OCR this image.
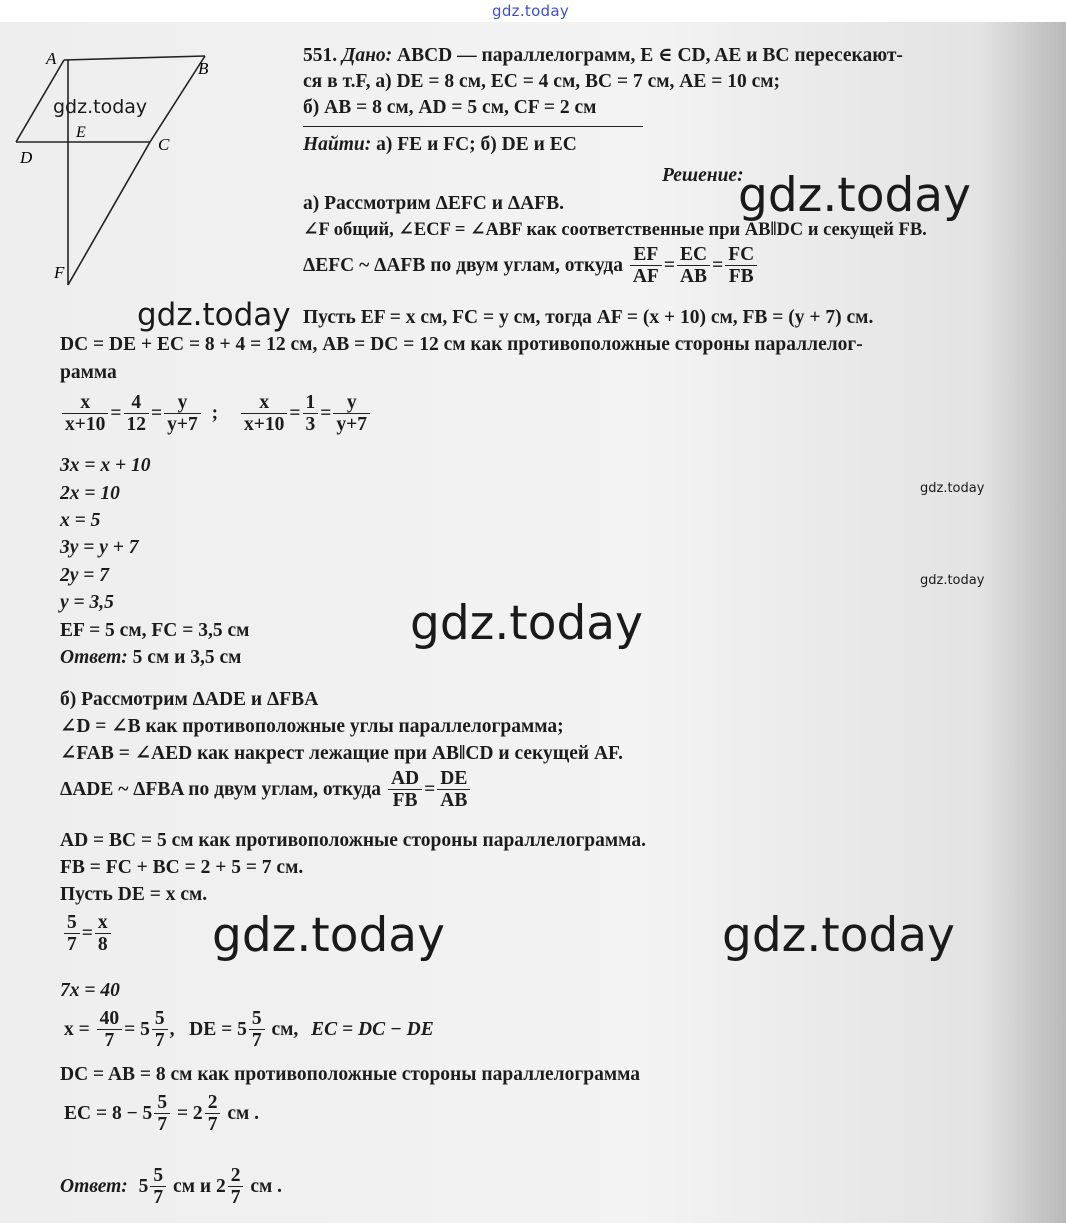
gdz.today
A
B
C
D
E
F
551. Дано: ABCD — параллелограмм, E ∈ CD, AE и BC пересекают-
ся в т.F, а) DE = 8 см, EC = 4 см, BC = 7 см, AE = 10 см;
б) AB = 8 см, AD = 5 см, CF = 2 см
Найти: а) FE и FC; б) DE и EC
Решение:
а) Рассмотрим ΔEFC и ΔAFB.
∠F общий, ∠ECF = ∠ABF как соответственные при AB‖DC и секущей FB.
ΔEFC ~ ΔAFB по двум углам, откуда $\frac{EF}{AF} = \frac{EC}{AB} = \frac{FC}{FB}$
Пусть EF = x см, FC = y см, тогда AF = (x + 10) см, FB = (y + 7) см.
DC = DE + EC = 8 + 4 = 12 см, AB = DC = 12 см как противоположные стороны параллелог-
рамма
$\frac{x}{x+10} = \frac{4}{12} = \frac{y}{y+7}$ ; $\frac{x}{x+10} = \frac{1}{3} = \frac{y}{y+7}$
3x = x + 10
2x = 10
x = 5
3y = y + 7
2y = 7
y = 3,5
EF = 5 см, FC = 3,5 см
Ответ: 5 см и 3,5 см
б) Рассмотрим ΔADE и ΔFBA
∠D = ∠B как противоположные углы параллелограмма;
∠FAB = ∠AED как накрест лежащие при AB‖CD и секущей AF.
ΔADE ~ ΔFBA по двум углам, откуда $\frac{AD}{FB} = \frac{DE}{AB}$
AD = BC = 5 см как противоположные стороны параллелограмма.
FB = FC + BC = 2 + 5 = 7 см.
Пусть DE = x см.
$\frac{5}{7} = \frac{x}{8}$
7x = 40
$x = \frac{40}{7} = 5 \frac{5}{7}$ ,   DE = $5 \frac{5}{7}$ см, EC = DC − DE
DC = AB = 8 см как противоположные стороны параллелограмма
EC = $8 - 5 \frac{5}{7} = 2 \frac{2}{7}$ см .
Ответ: $5 \frac{5}{7}$ см и $2 \frac{2}{7}$ см .
gdz.today
gdz.today
gdz.today
gdz.today
gdz.today
gdz.today
gdz.today	gdz.today
